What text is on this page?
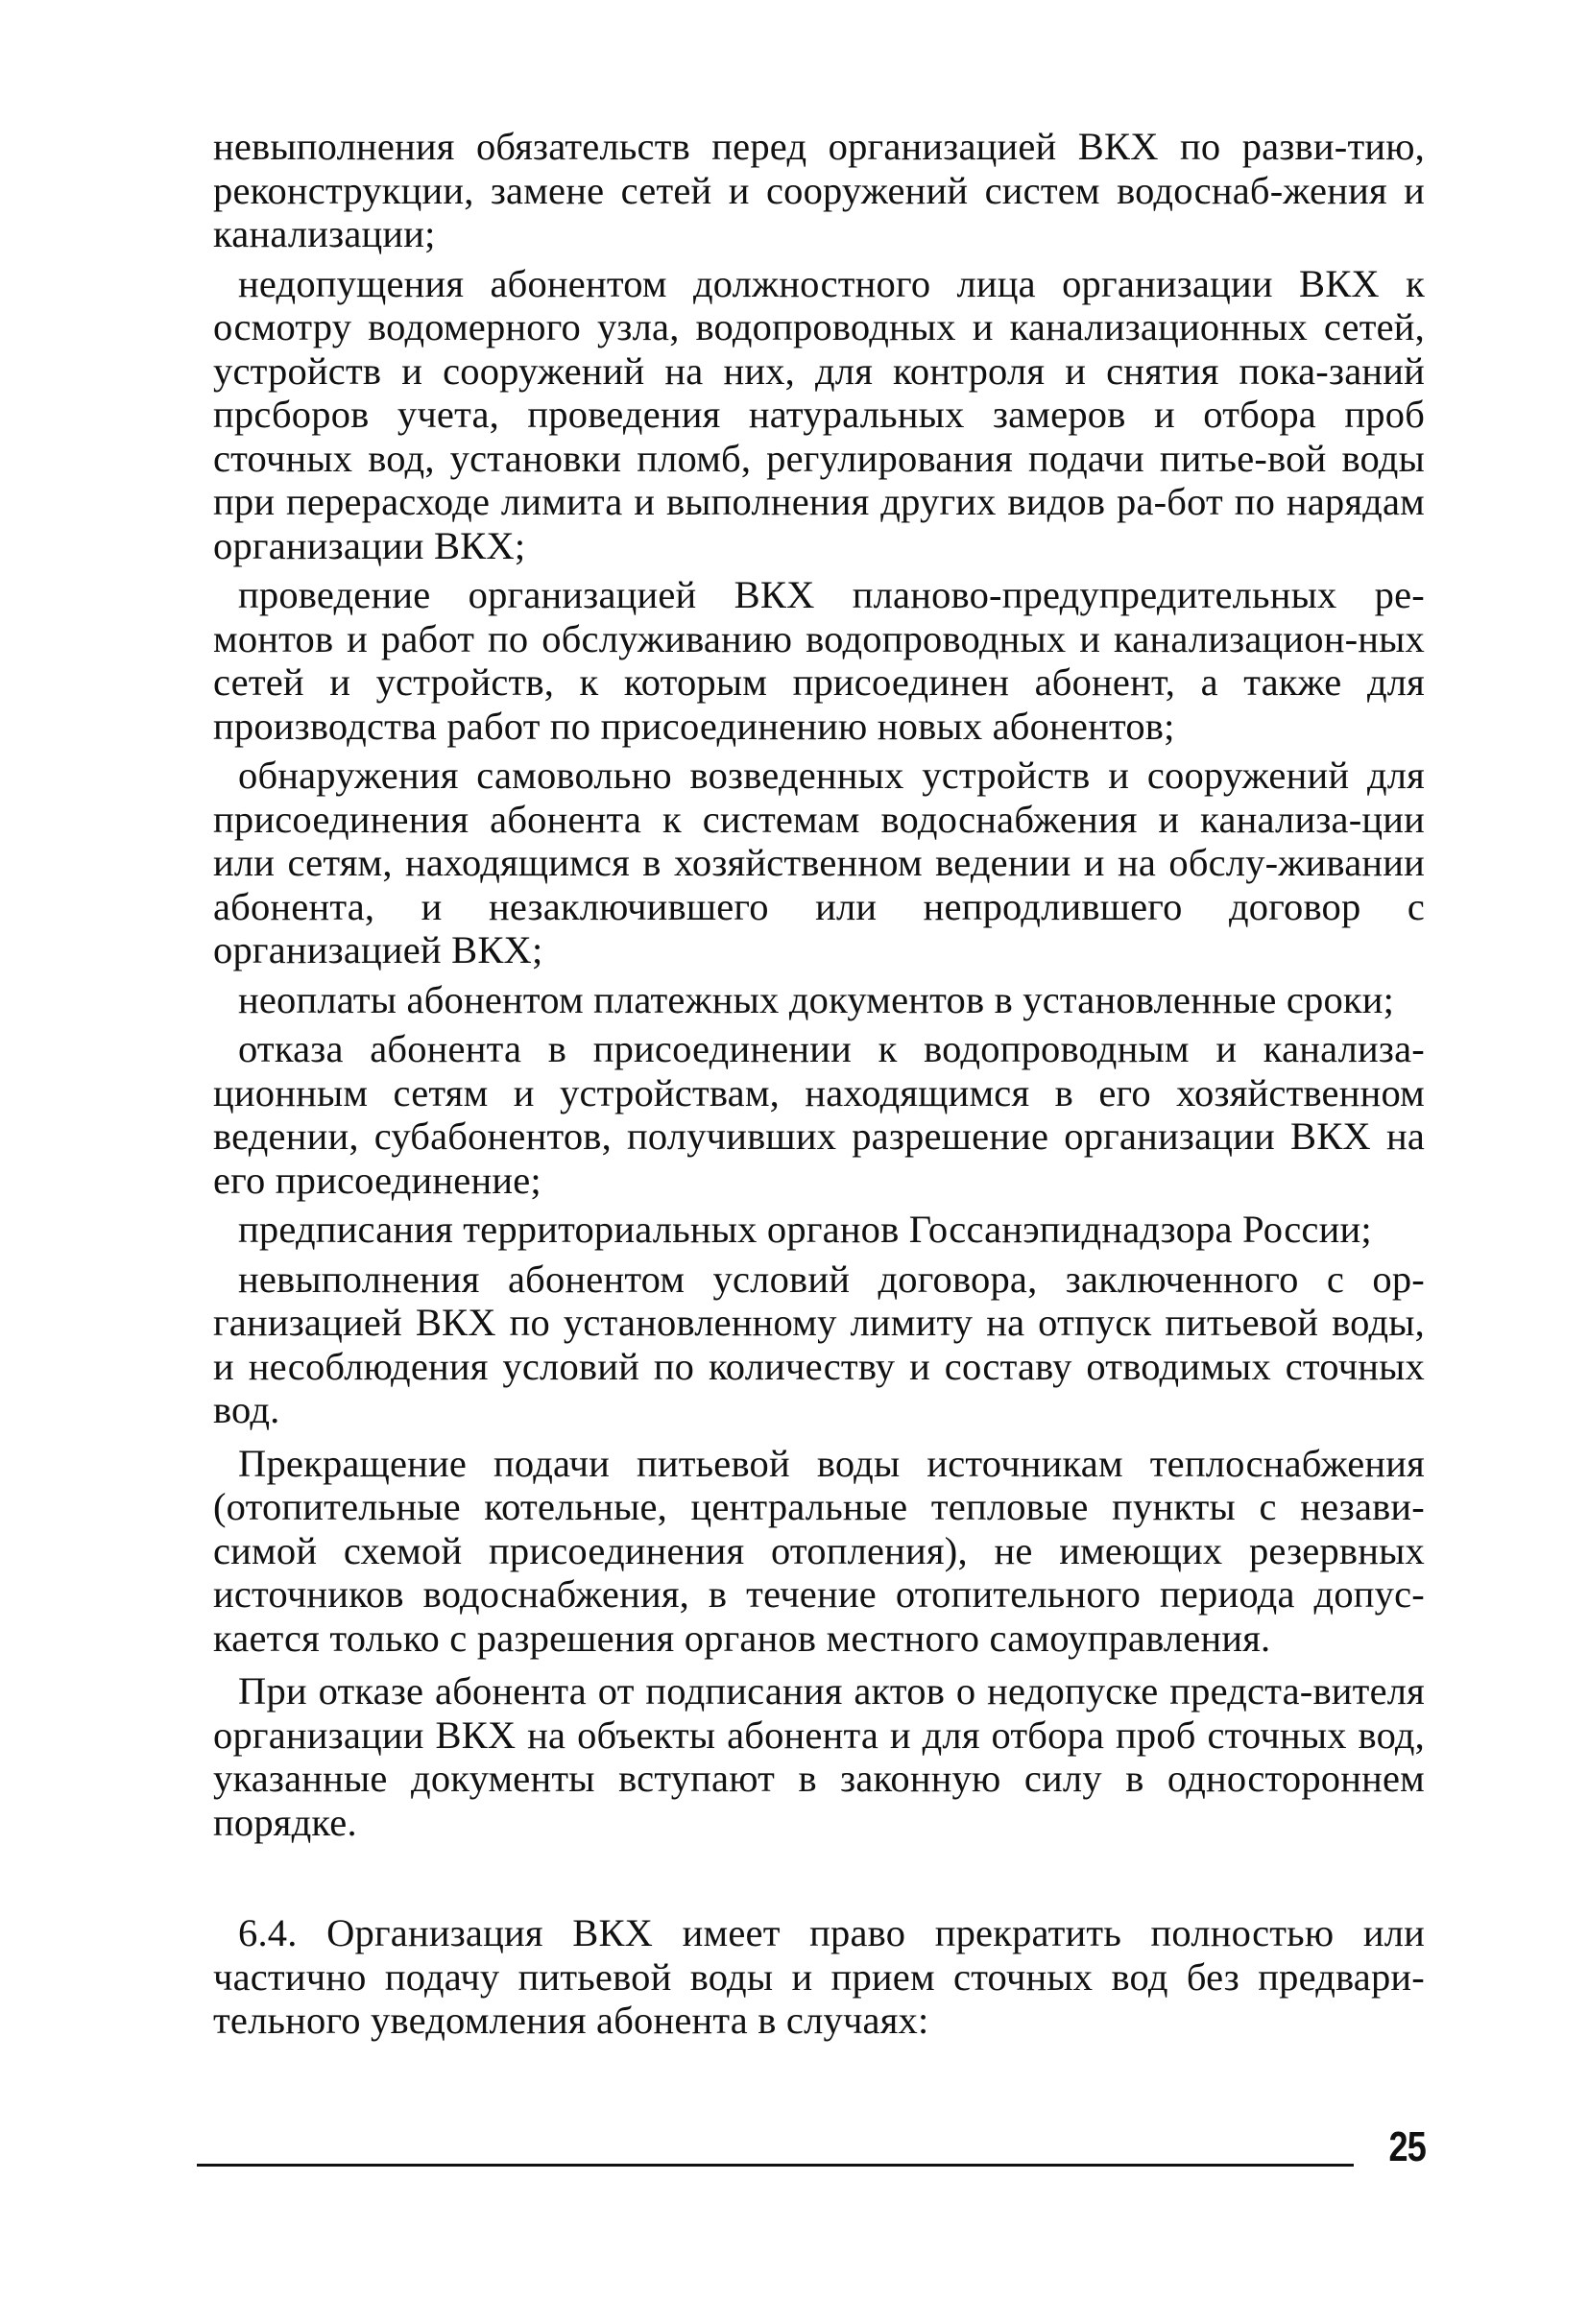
невыполнения обязательств перед организацией ВКХ по разви-тию, реконструкции, замене сетей и сооружений систем водоснаб-жения и канализации;

недопущения абонентом должностного лица организации ВКХ к осмотру водомерного узла, водопроводных и канализационных сетей, устройств и сооружений на них, для контроля и снятия пока-заний прсборов учета, проведения натуральных замеров и отбора проб сточных вод, установки пломб, регулирования подачи питье-вой воды при перерасходе лимита и выполнения других видов ра-бот по нарядам организации ВКХ;

проведение организацией ВКХ планово-предупредительных ре-монтов и работ по обслуживанию водопроводных и канализацион-ных сетей и устройств, к которым присоединен абонент, а также для производства работ по присоединению новых абонентов;

обнаружения самовольно возведенных устройств и сооружений для присоединения абонента к системам водоснабжения и канализа-ции или сетям, находящимся в хозяйственном ведении и на обслу-живании абонента, и незаключившего или непродлившего договор с организацией ВКХ;

неоплаты абонентом платежных документов в установленные сроки;

отказа абонента в присоединении к водопроводным и канализа-ционным сетям и устройствам, находящимся в его хозяйственном ведении, субабонентов, получивших разрешение организации ВКХ на его присоединение;

предписания территориальных органов Госсанэпиднадзора России;

невыполнения абонентом условий договора, заключенного с ор-ганизацией ВКХ по установленному лимиту на отпуск питьевой воды, и несоблюдения условий по количеству и составу отводимых сточных вод.

Прекращение подачи питьевой воды источникам теплоснабжения (отопительные котельные, центральные тепловые пункты с незави-симой схемой присоединения отопления), не имеющих резервных источников водоснабжения, в течение отопительного периода допус-кается только с разрешения органов местного самоуправления.

При отказе абонента от подписания актов о недопуске предста-вителя организации ВКХ на объекты абонента и для отбора проб сточных вод, указанные документы вступают в законную силу в одностороннем порядке.

6.4. Организация ВКХ имеет право прекратить полностью или частично подачу питьевой воды и прием сточных вод без предвари-тельного уведомления абонента в случаях:

25
